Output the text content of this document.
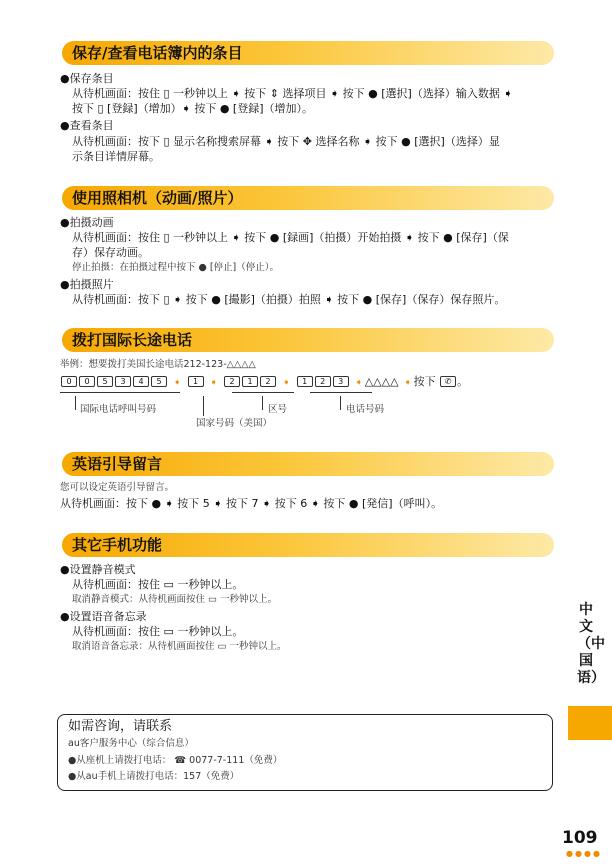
保存/查看电话簿内的条目
●保存条目
从待机画面：按住 ▯ 一秒钟以上 ➧ 按下 ⇕ 选择项目 ➧ 按下 ● [選択]（选择）输入数据 ➧
按下 ▯ [登録]（增加）➧ 按下 ● [登録]（增加）。
●查看条目
从待机画面：按下 ▯ 显示名称搜索屏幕 ➧ 按下 ✥ 选择名称 ➧ 按下 ● [選択]（选择）显
示条目详情屏幕。
使用照相机（动画/照片）
●拍摄动画
从待机画面：按住 ▯ 一秒钟以上 ➧ 按下 ● [録画]（拍摄）开始拍摄 ➧ 按下 ● [保存]（保
存）保存动画。
停止拍摄：在拍摄过程中按下 ● [停止]（停止）。
●拍摄照片
从待机画面：按下 ▯ ➧ 按下 ● [撮影]（拍摄）拍照 ➧ 按下 ● [保存]（保存）保存照片。
拨打国际长途电话
举例：想要拨打美国长途电话212-123-△△△△
0 0 5 3 4 5 ➧ 1 ➧ 2 1 2 ➧ 1 2 3 ➧ △△△△ ➧ 按下 ✆ 。
国际电话呼叫号码	区号	电话号码
国家号码（美国）
英语引导留言
您可以设定英语引导留言。
从待机画面：按下 ● ➧ 按下 5 ➧ 按下 7 ➧ 按下 6 ➧ 按下 ● [発信]（呼叫）。
其它手机功能
●设置静音模式
从待机画面：按住 ▭ 一秒钟以上。
取消静音模式：从待机画面按住 ▭ 一秒钟以上。
●设置语音备忘录
从待机画面：按住 ▭ 一秒钟以上。
取消语音备忘录：从待机画面按住 ▭ 一秒钟以上。
中文（中国语）
如需咨询，请联系
au客户服务中心（综合信息）
●从座机上请拨打电话： ☎ 0077-7-111（免费）
●从au手机上请拨打电话：157（免费）
109
●●●●
